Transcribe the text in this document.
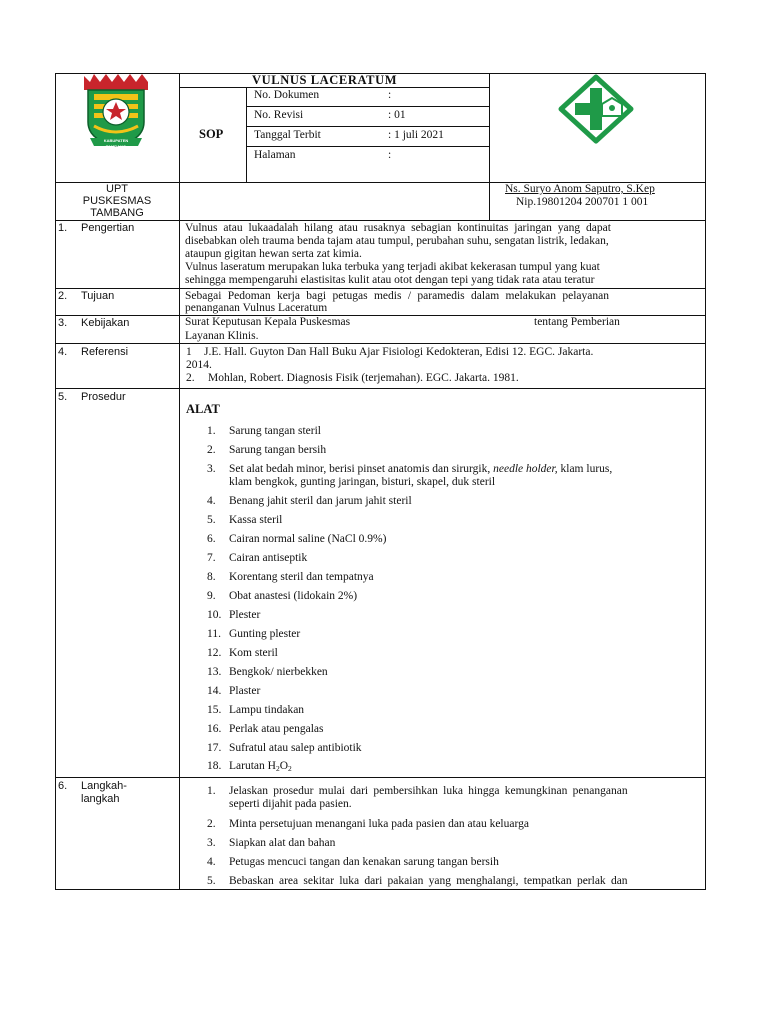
KABUPATEN TAMBANG
VULNUS LACERATUM
SOP
No. Dokumen	:
No. Revisi	: 01
Tanggal Terbit	: 1 juli 2021
Halaman	:
UPT
PUSKESMAS
TAMBANG
Ns. Suryo Anom Saputro, S.Kep
Nip.19801204 200701 1 001
1. Pengertian	Vulnus atau lukaadalah hilang atau rusaknya sebagian kontinuitas jaringan yang dapat
disebabkan oleh trauma benda tajam atau tumpul, perubahan suhu, sengatan listrik, ledakan,
ataupun gigitan hewan serta zat kimia.
Vulnus laseratum merupakan luka terbuka yang terjadi akibat kekerasan tumpul yang kuat
sehingga mempengaruhi elastisitas kulit atau otot dengan tepi yang tidak rata atau teratur
2. Tujuan	Sebagai Pedoman kerja bagi petugas medis / paramedis dalam melakukan pelayanan
penanganan Vulnus Laceratum
3. Kebijakan	Surat Keputusan Kepala Puskesmas	tentang Pemberian
Layanan Klinis.
4. Referensi	1 J.E. Hall. Guyton Dan Hall Buku Ajar Fisiologi Kedokteran, Edisi 12. EGC. Jakarta.
2014.
2. Mohlan, Robert. Diagnosis Fisik (terjemahan). EGC. Jakarta. 1981.
5. Prosedur
ALAT
1. Sarung tangan steril
2. Sarung tangan bersih
4. Benang jahit steril dan jarum jahit steril
5. Kassa steril
6. Cairan normal saline (NaCl 0.9%)
7. Cairan antiseptik
8. Korentang steril dan tempatnya
9. Obat anastesi (lidokain 2%)
10. Plester
11. Gunting plester
12. Kom steril
13. Bengkok/ nierbekken
14. Plaster
15. Lampu tindakan
16. Perlak atau pengalas
17. Sufratul atau salep antibiotik
3. Set alat bedah minor, berisi pinset anatomis dan sirurgik, needle holder, klam lurus,
klam bengkok, gunting jaringan, bisturi, skapel, duk steril
18. Larutan $H_2O_2$
6. Langkah-
langkah
1. Jelaskan prosedur mulai dari pembersihkan luka hingga kemungkinan penanganan
seperti dijahit pada pasien.
2. Minta persetujuan menangani luka pada pasien dan atau keluarga
3. Siapkan alat dan bahan
4. Petugas mencuci tangan dan kenakan sarung tangan bersih
5. Bebaskan area sekitar luka dari pakaian yang menghalangi, tempatkan perlak dan
